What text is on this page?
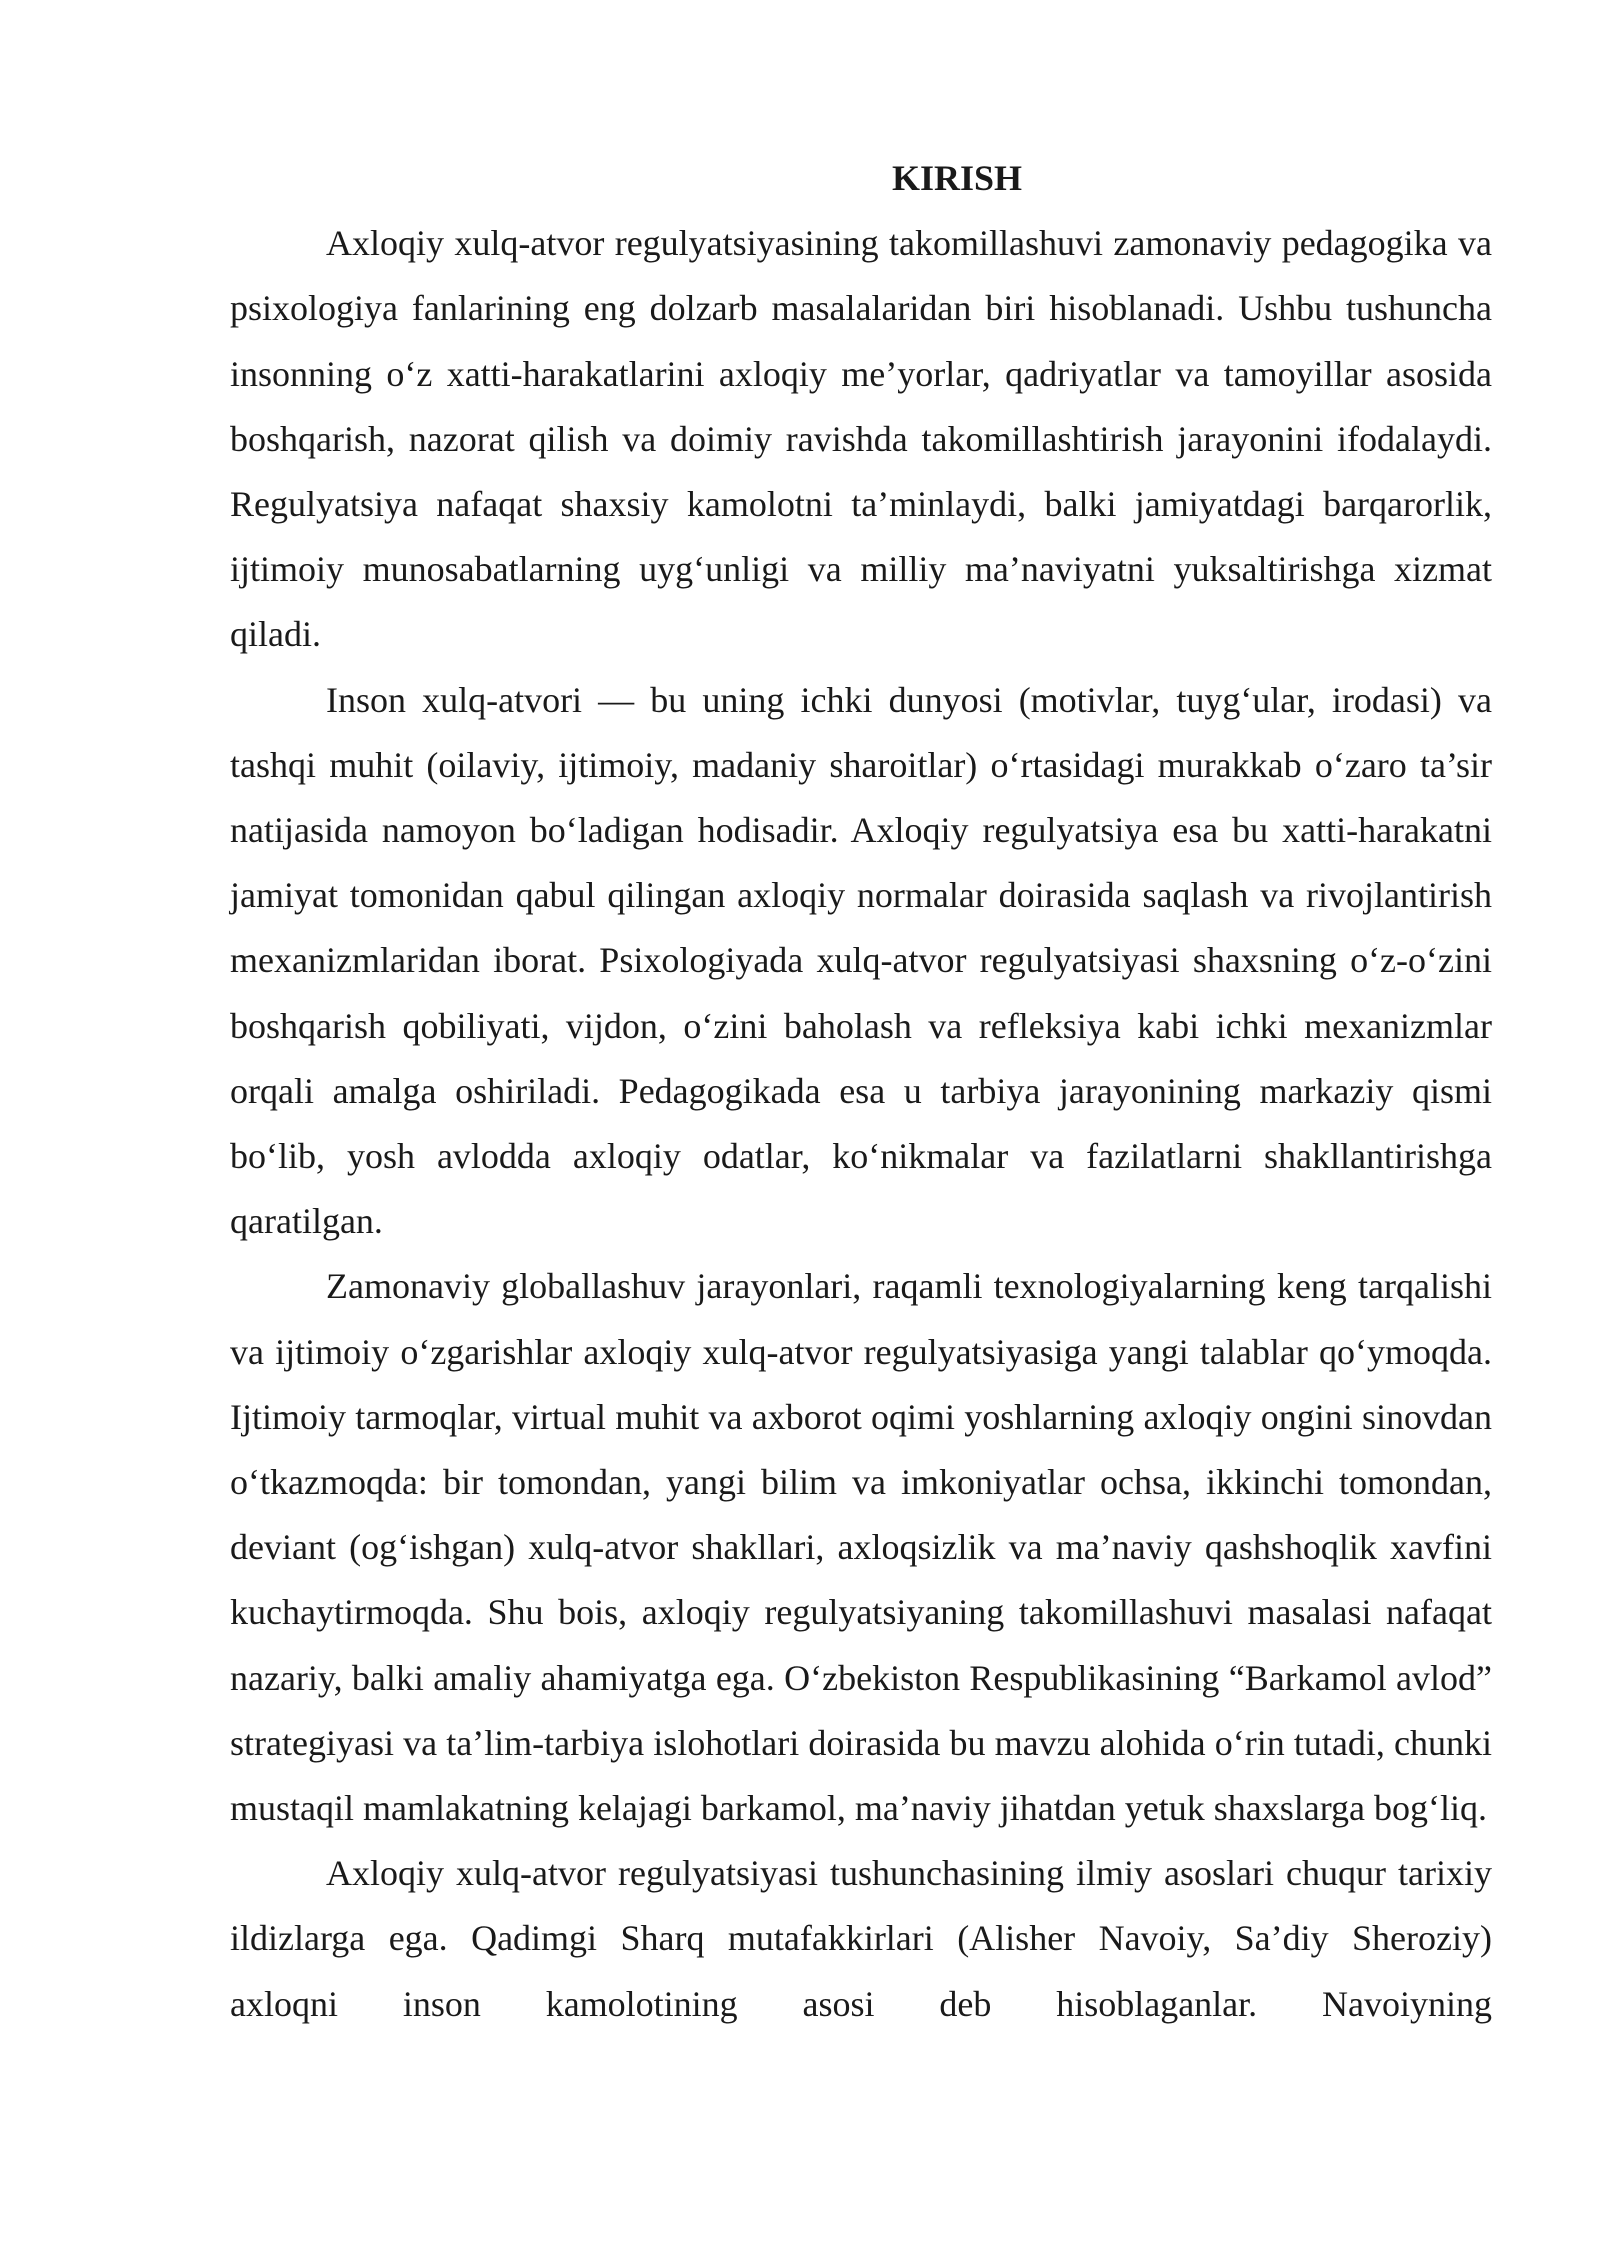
KIRISH

Axloqiy xulq-atvor regulyatsiyasining takomillashuvi zamonaviy pedagogika va psixologiya fanlarining eng dolzarb masalalaridan biri hisoblanadi. Ushbu tushuncha insonning o‘z xatti-harakatlarini axloqiy me’yorlar, qadriyatlar va tamoyillar asosida boshqarish, nazorat qilish va doimiy ravishda takomillashtirish jarayonini ifodalaydi. Regulyatsiya nafaqat shaxsiy kamolotni ta’minlaydi, balki jamiyatdagi barqarorlik, ijtimoiy munosabatlarning uyg‘unligi va milliy ma’naviyatni yuksaltirishga xizmat qiladi.

Inson xulq-atvori — bu uning ichki dunyosi (motivlar, tuyg‘ular, irodasi) va tashqi muhit (oilaviy, ijtimoiy, madaniy sharoitlar) o‘rtasidagi murakkab o‘zaro ta’sir natijasida namoyon bo‘ladigan hodisadir. Axloqiy regulyatsiya esa bu xatti-harakatni jamiyat tomonidan qabul qilingan axloqiy normalar doirasida saqlash va rivojlantirish mexanizmlaridan iborat. Psixologiyada xulq-atvor regulyatsiyasi shaxsning o‘z-o‘zini boshqarish qobiliyati, vijdon, o‘zini baholash va refleksiya kabi ichki mexanizmlar orqali amalga oshiriladi. Pedagogikada esa u tarbiya jarayonining markaziy qismi bo‘lib, yosh avlodda axloqiy odatlar, ko‘nikmalar va fazilatlarni shakllantirishga qaratilgan.

Zamonaviy globallashuv jarayonlari, raqamli texnologiyalarning keng tarqalishi va ijtimoiy o‘zgarishlar axloqiy xulq-atvor regulyatsiyasiga yangi talablar qo‘ymoqda. Ijtimoiy tarmoqlar, virtual muhit va axborot oqimi yoshlarning axloqiy ongini sinovdan o‘tkazmoqda: bir tomondan, yangi bilim va imkoniyatlar ochsa, ikkinchi tomondan, deviant (og‘ishgan) xulq-atvor shakllari, axloqsizlik va ma’naviy qashshoqlik xavfini kuchaytirmoqda. Shu bois, axloqiy regulyatsiyaning takomillashuvi masalasi nafaqat nazariy, balki amaliy ahamiyatga ega. O‘zbekiston Respublikasining “Barkamol avlod” strategiyasi va ta’lim-tarbiya islohotlari doirasida bu mavzu alohida o‘rin tutadi, chunki mustaqil mamlakatning kelajagi barkamol, ma’naviy jihatdan yetuk shaxslarga bog‘liq.

Axloqiy xulq-atvor regulyatsiyasi tushunchasining ilmiy asoslari chuqur tarixiy ildizlarga ega. Qadimgi Sharq mutafakkirlari (Alisher Navoiy, Sa’diy Sheroziy) axloqni inson kamolotining asosi deb hisoblaganlar. Navoiyning
